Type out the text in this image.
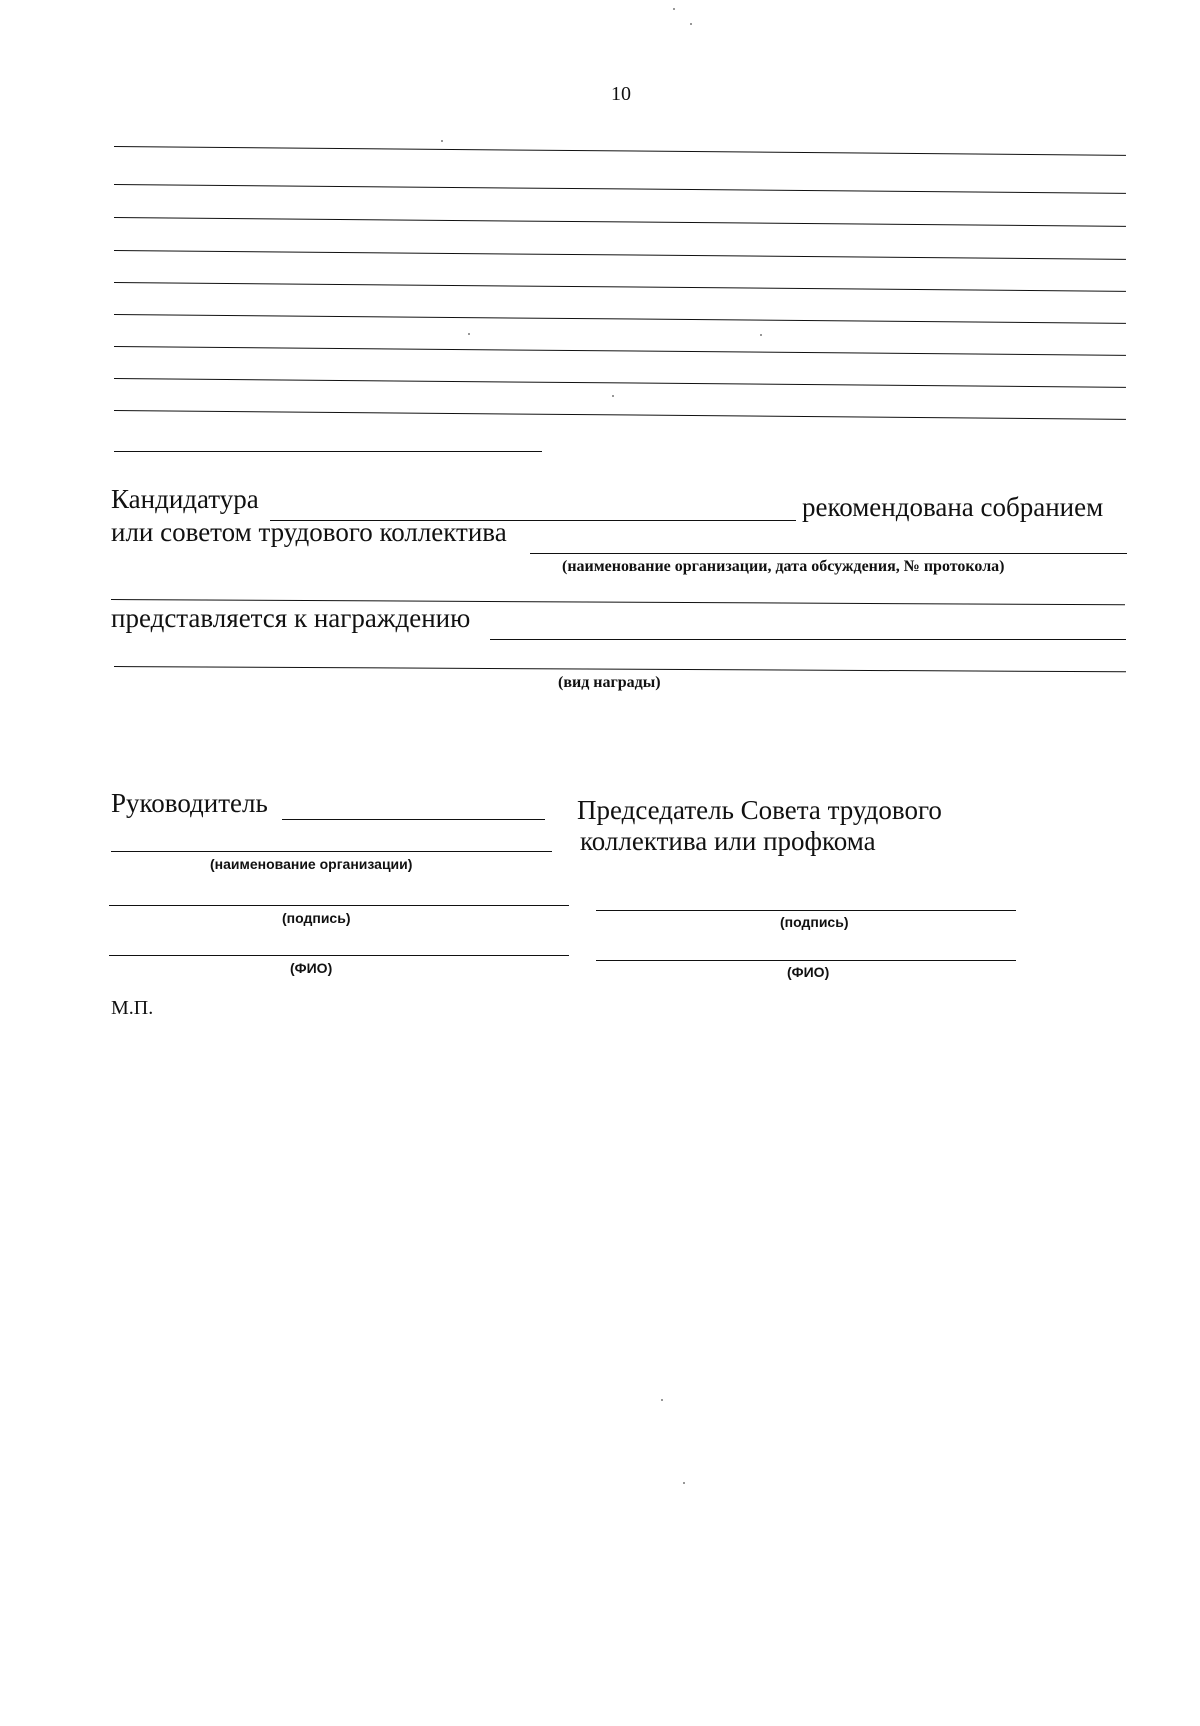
10
Кандидатура	рекомендована собранием
или советом трудового коллектива
(наименование организации, дата обсуждения, № протокола)
представляется к награждению
(вид награды)
Руководитель
(наименование организации)
(подпись)
(ФИО)
Председатель Совета трудового
коллектива или профкома
(подпись)
(ФИО)
М.П.
